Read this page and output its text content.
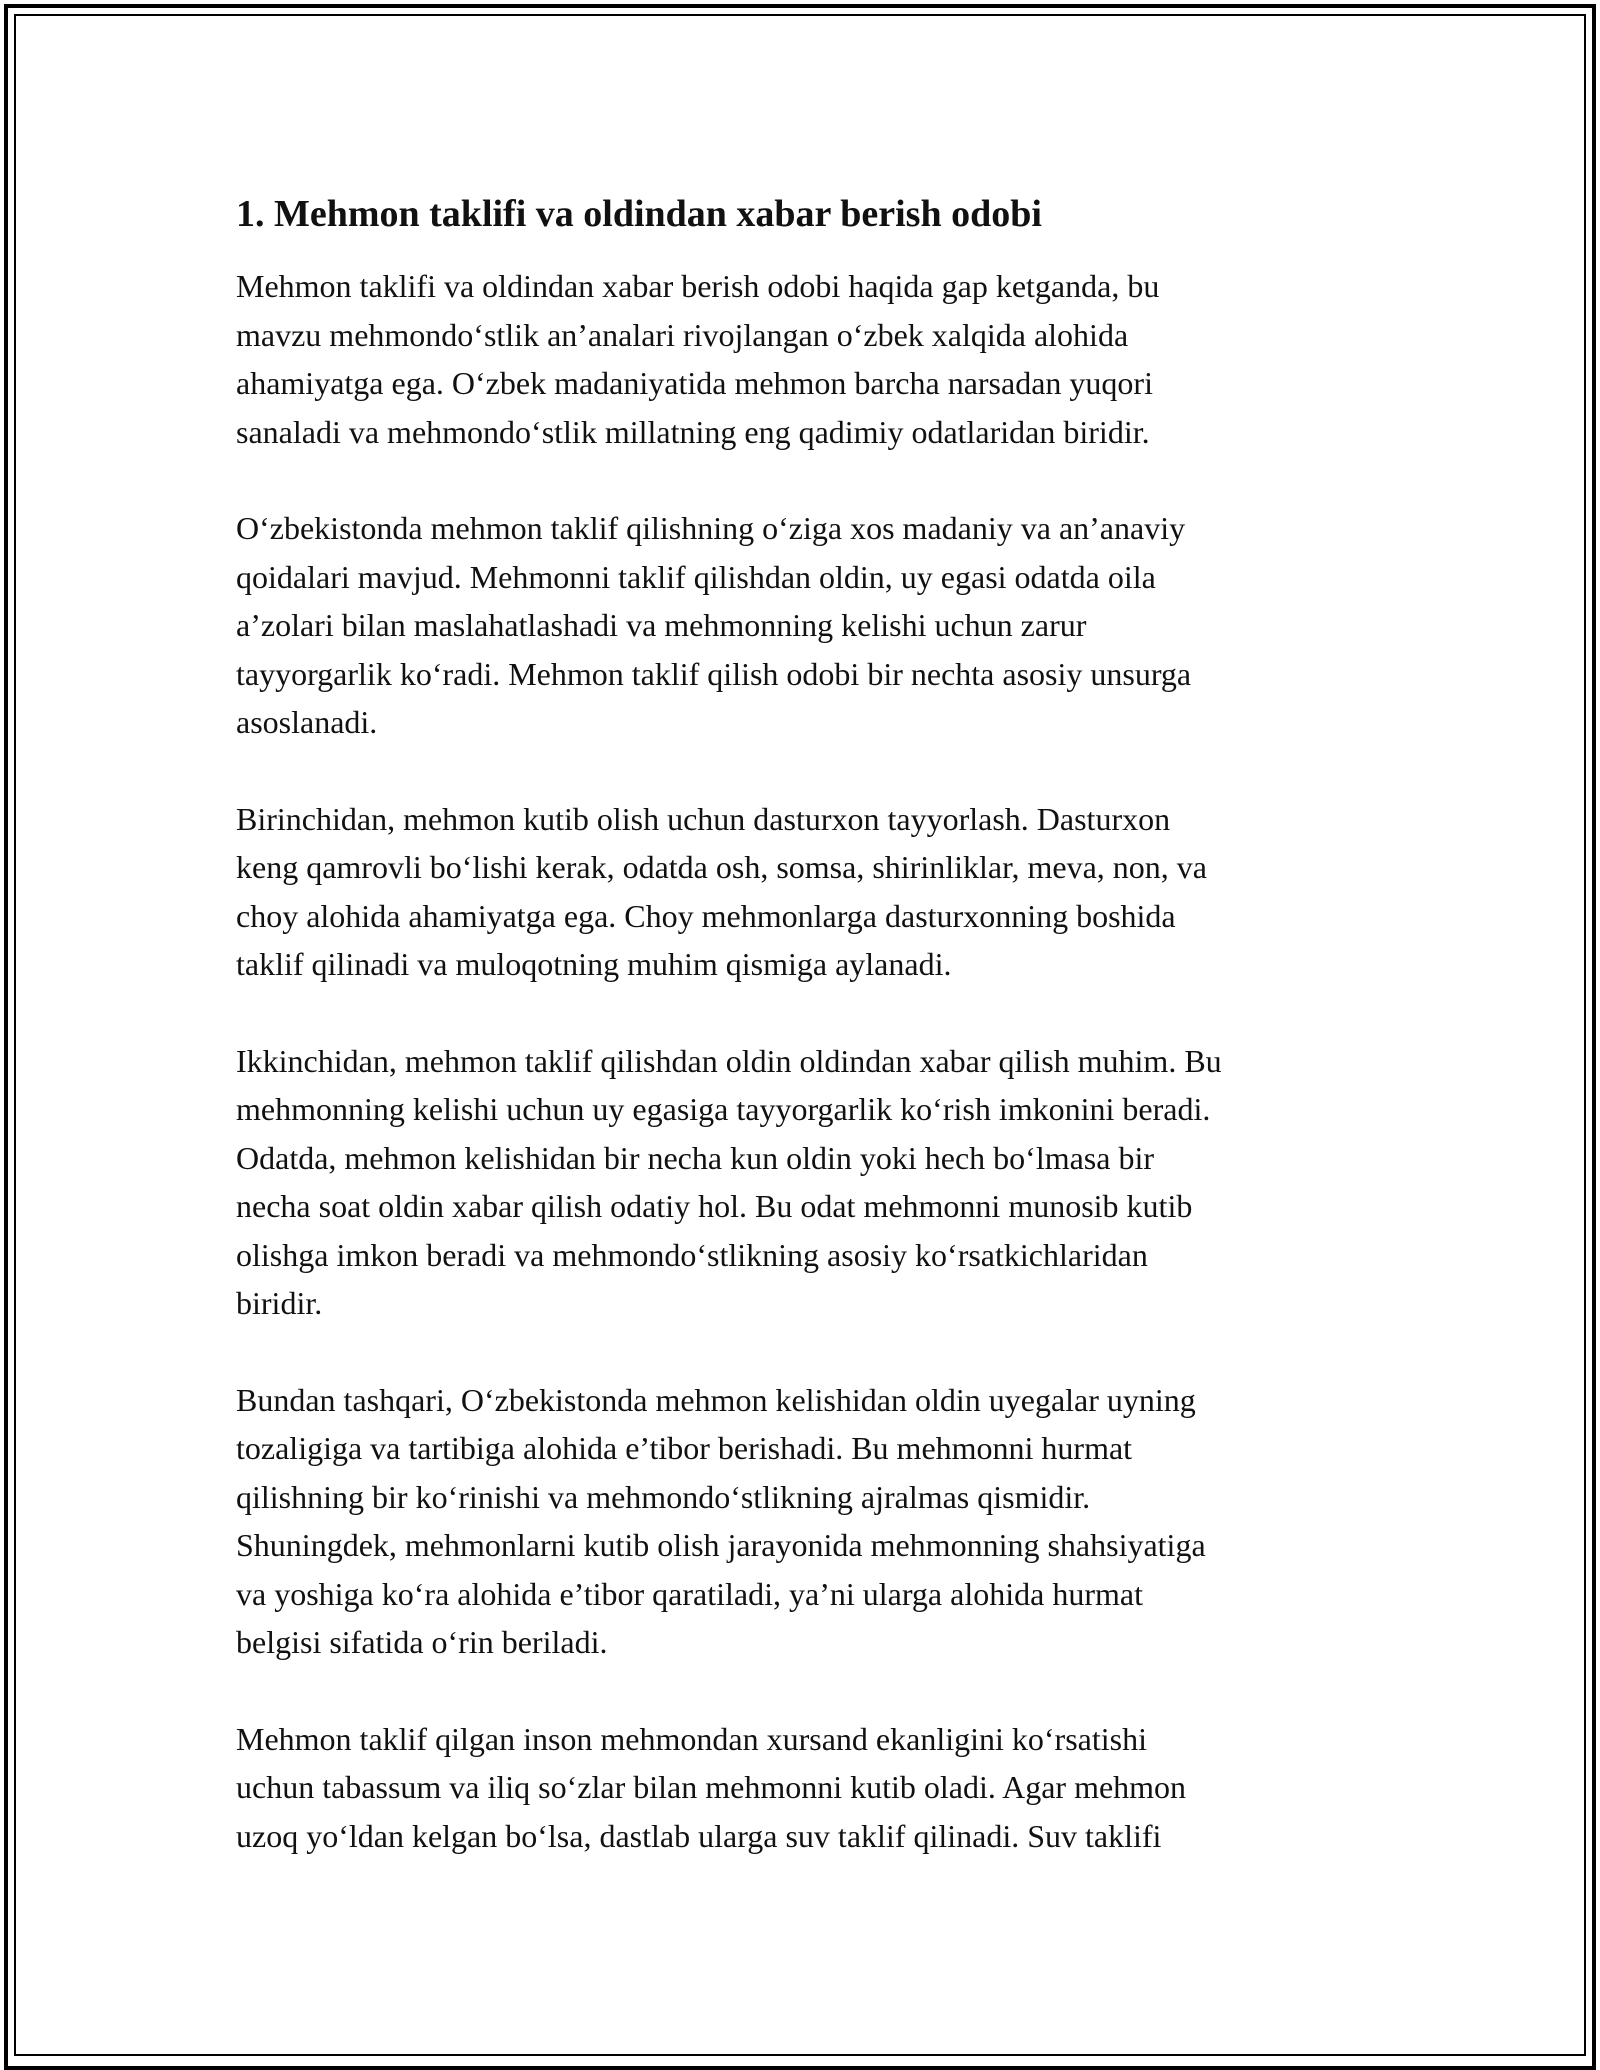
1. Mehmon taklifi va oldindan xabar berish odobi

Mehmon taklifi va oldindan xabar berish odobi haqida gap ketganda, bu
mavzu mehmondo‘stlik an’analari rivojlangan o‘zbek xalqida alohida
ahamiyatga ega. O‘zbek madaniyatida mehmon barcha narsadan yuqori
sanaladi va mehmondo‘stlik millatning eng qadimiy odatlaridan biridir.

O‘zbekistonda mehmon taklif qilishning o‘ziga xos madaniy va an’anaviy
qoidalari mavjud. Mehmonni taklif qilishdan oldin, uy egasi odatda oila
a’zolari bilan maslahatlashadi va mehmonning kelishi uchun zarur
tayyorgarlik ko‘radi. Mehmon taklif qilish odobi bir nechta asosiy unsurga
asoslanadi.

Birinchidan, mehmon kutib olish uchun dasturxon tayyorlash. Dasturxon
keng qamrovli bo‘lishi kerak, odatda osh, somsa, shirinliklar, meva, non, va
choy alohida ahamiyatga ega. Choy mehmonlarga dasturxonning boshida
taklif qilinadi va muloqotning muhim qismiga aylanadi.

Ikkinchidan, mehmon taklif qilishdan oldin oldindan xabar qilish muhim. Bu
mehmonning kelishi uchun uy egasiga tayyorgarlik ko‘rish imkonini beradi.
Odatda, mehmon kelishidan bir necha kun oldin yoki hech bo‘lmasa bir
necha soat oldin xabar qilish odatiy hol. Bu odat mehmonni munosib kutib
olishga imkon beradi va mehmondo‘stlikning asosiy ko‘rsatkichlaridan
biridir.

Bundan tashqari, O‘zbekistonda mehmon kelishidan oldin uyegalar uyning
tozaligiga va tartibiga alohida e’tibor berishadi. Bu mehmonni hurmat
qilishning bir ko‘rinishi va mehmondo‘stlikning ajralmas qismidir.
Shuningdek, mehmonlarni kutib olish jarayonida mehmonning shahsiyatiga
va yoshiga ko‘ra alohida e’tibor qaratiladi, ya’ni ularga alohida hurmat
belgisi sifatida o‘rin beriladi.

Mehmon taklif qilgan inson mehmondan xursand ekanligini ko‘rsatishi
uchun tabassum va iliq so‘zlar bilan mehmonni kutib oladi. Agar mehmon
uzoq yo‘ldan kelgan bo‘lsa, dastlab ularga suv taklif qilinadi. Suv taklifi
